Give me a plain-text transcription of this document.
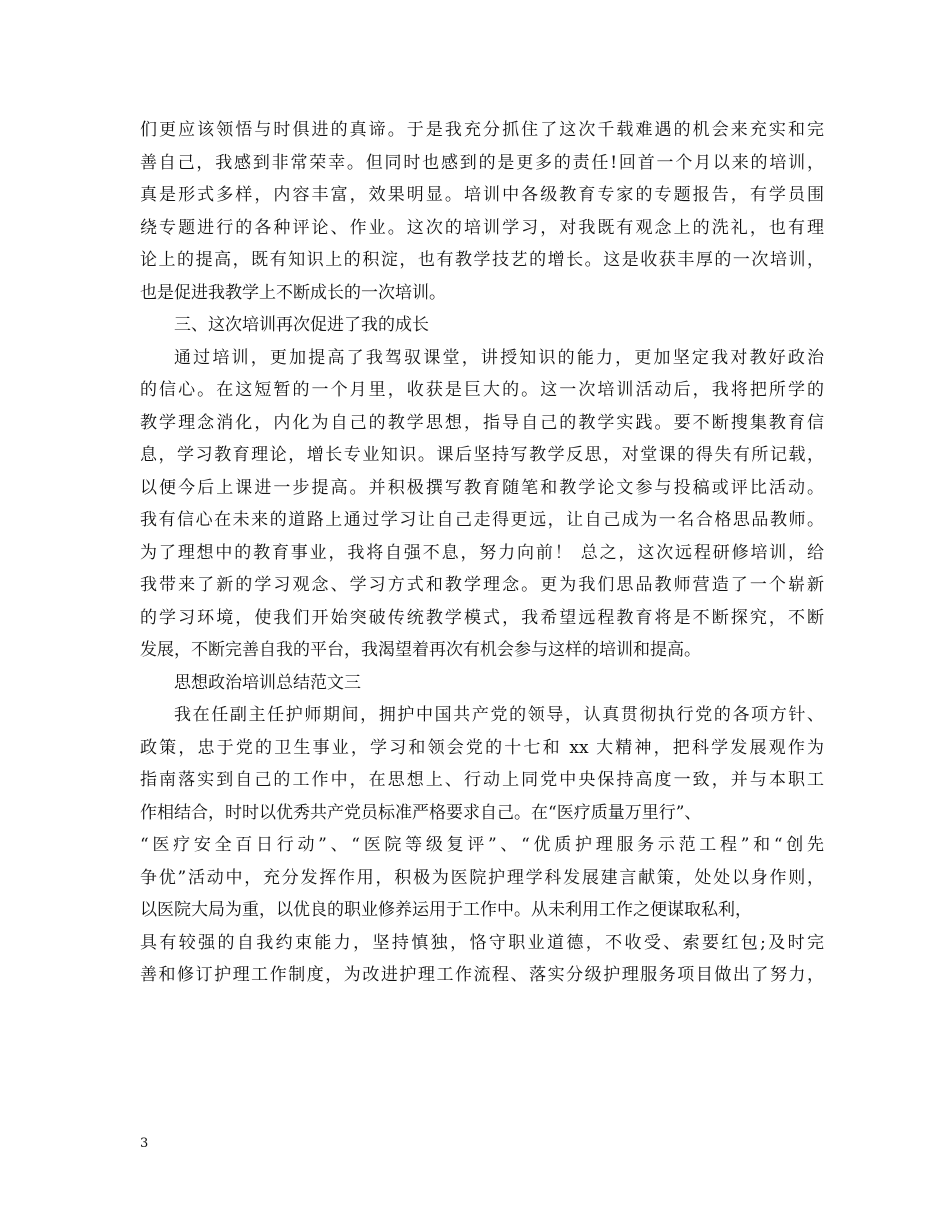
们更应该领悟与时俱进的真谛。于是我充分抓住了这次千载难遇的机会来充实和完
善自己，我感到非常荣幸。但同时也感到的是更多的责任!回首一个月以来的培训，
真是形式多样，内容丰富，效果明显。培训中各级教育专家的专题报告，有学员围
绕专题进行的各种评论、作业。这次的培训学习，对我既有观念上的洗礼，也有理
论上的提高，既有知识上的积淀，也有教学技艺的增长。这是收获丰厚的一次培训，
也是促进我教学上不断成长的一次培训。
三、这次培训再次促进了我的成长
通过培训，更加提高了我驾驭课堂，讲授知识的能力，更加坚定我对教好政治
的信心。在这短暂的一个月里，收获是巨大的。这一次培训活动后，我将把所学的
教学理念消化，内化为自己的教学思想，指导自己的教学实践。要不断搜集教育信
息，学习教育理论，增长专业知识。课后坚持写教学反思，对堂课的得失有所记载，
以便今后上课进一步提高。并积极撰写教育随笔和教学论文参与投稿或评比活动。
我有信心在未来的道路上通过学习让自己走得更远，让自己成为一名合格思品教师。
为了理想中的教育事业，我将自强不息，努力向前！ 总之，这次远程研修培训，给
我带来了新的学习观念、学习方式和教学理念。更为我们思品教师营造了一个崭新
的学习环境，使我们开始突破传统教学模式，我希望远程教育将是不断探究，不断
发展，不断完善自我的平台，我渴望着再次有机会参与这样的培训和提高。
思想政治培训总结范文三
我在任副主任护师期间，拥护中国共产党的领导，认真贯彻执行党的各项方针、
政策，忠于党的卫生事业，学习和领会党的十七和 xx 大精神，把科学发展观作为
指南落实到自己的工作中，在思想上、行动上同党中央保持高度一致，并与本职工
作相结合，时时以优秀共产党员标准严格要求自己。在“医疗质量万里行”、
“医疗安全百日行动”、“医院等级复评”、“优质护理服务示范工程”和“创先
争优”活动中，充分发挥作用，积极为医院护理学科发展建言献策，处处以身作则，
以医院大局为重，以优良的职业修养运用于工作中。从未利用工作之便谋取私利，
具有较强的自我约束能力，坚持慎独，恪守职业道德，不收受、索要红包;及时完
善和修订护理工作制度，为改进护理工作流程、落实分级护理服务项目做出了努力，
3
